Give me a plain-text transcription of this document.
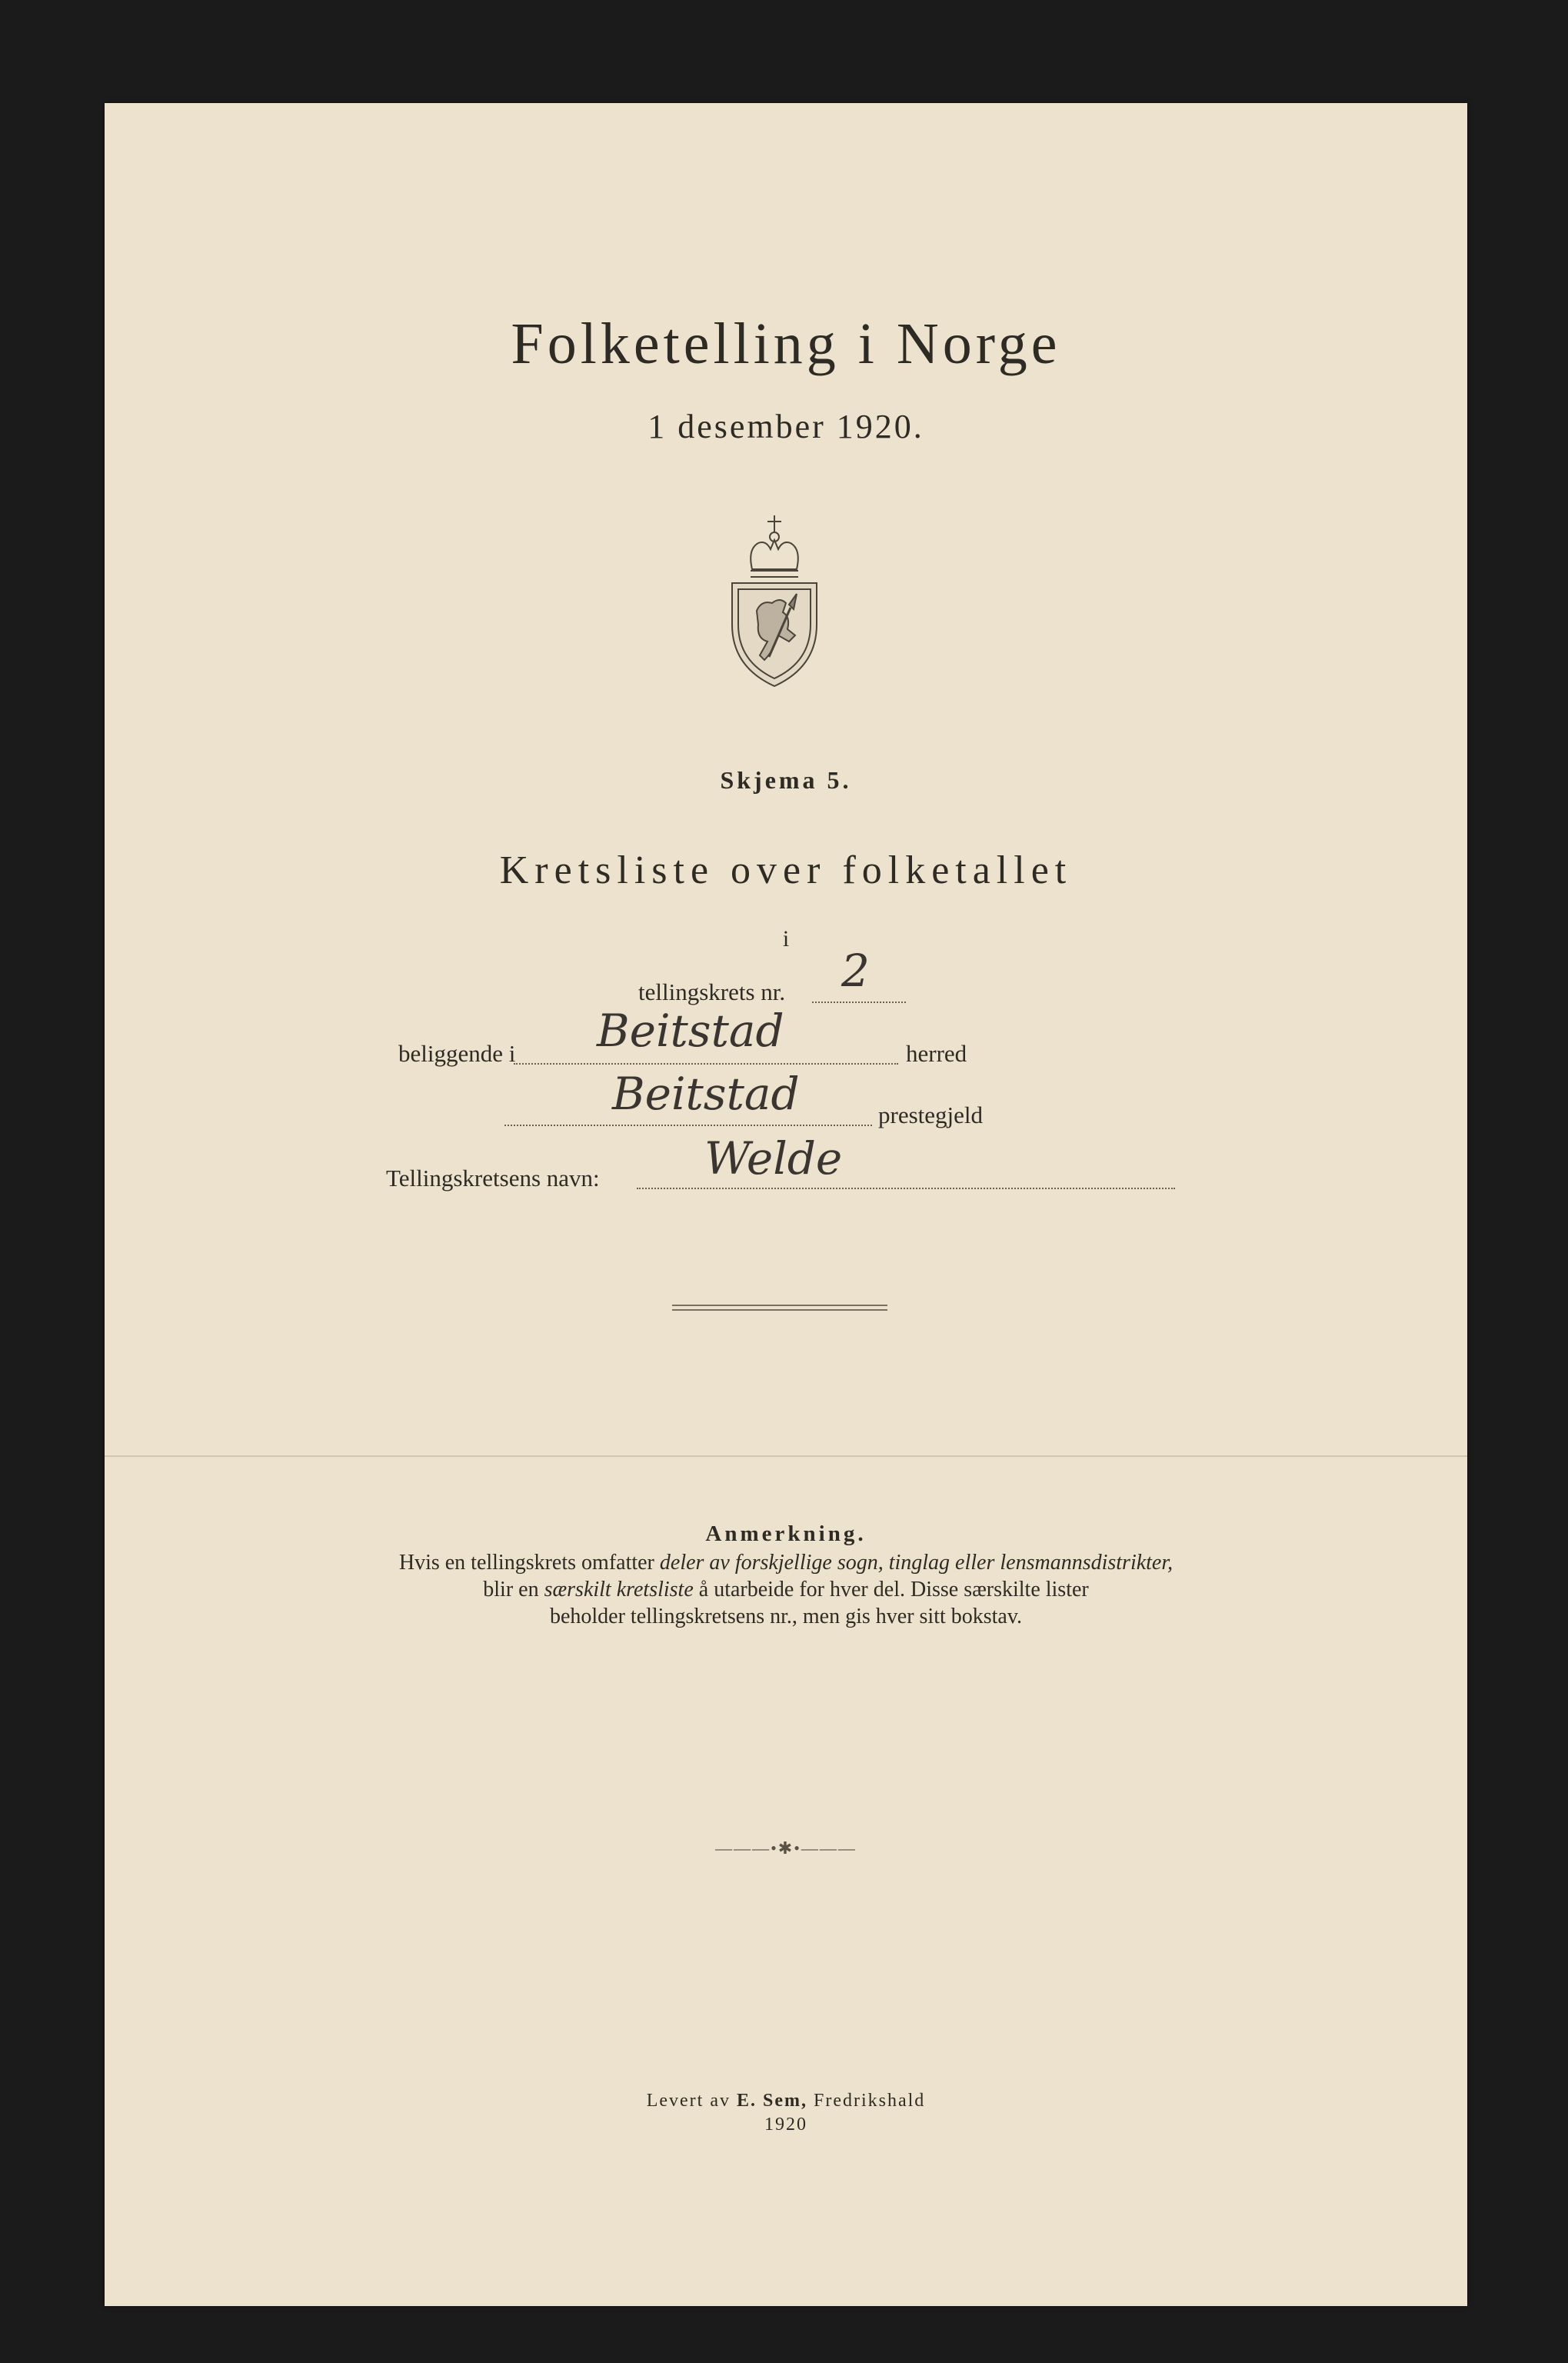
Folketelling i Norge
1 desember 1920.
Skjema 5.
Kretsliste over folketallet
i
tellingskrets nr. 2
beliggende i Beitstad	herred
Beitstad	prestegjeld
Tellingskretsens navn: Welde
Anmerkning.
Hvis en tellingskrets omfatter deler av forskjellige sogn, tinglag eller lensmannsdistrikter,
blir en særskilt kretsliste å utarbeide for hver del. Disse særskilte lister
beholder tellingskretsens nr., men gis hver sitt bokstav.
———•✱•———
Levert av E. Sem, Fredrikshald
1920
